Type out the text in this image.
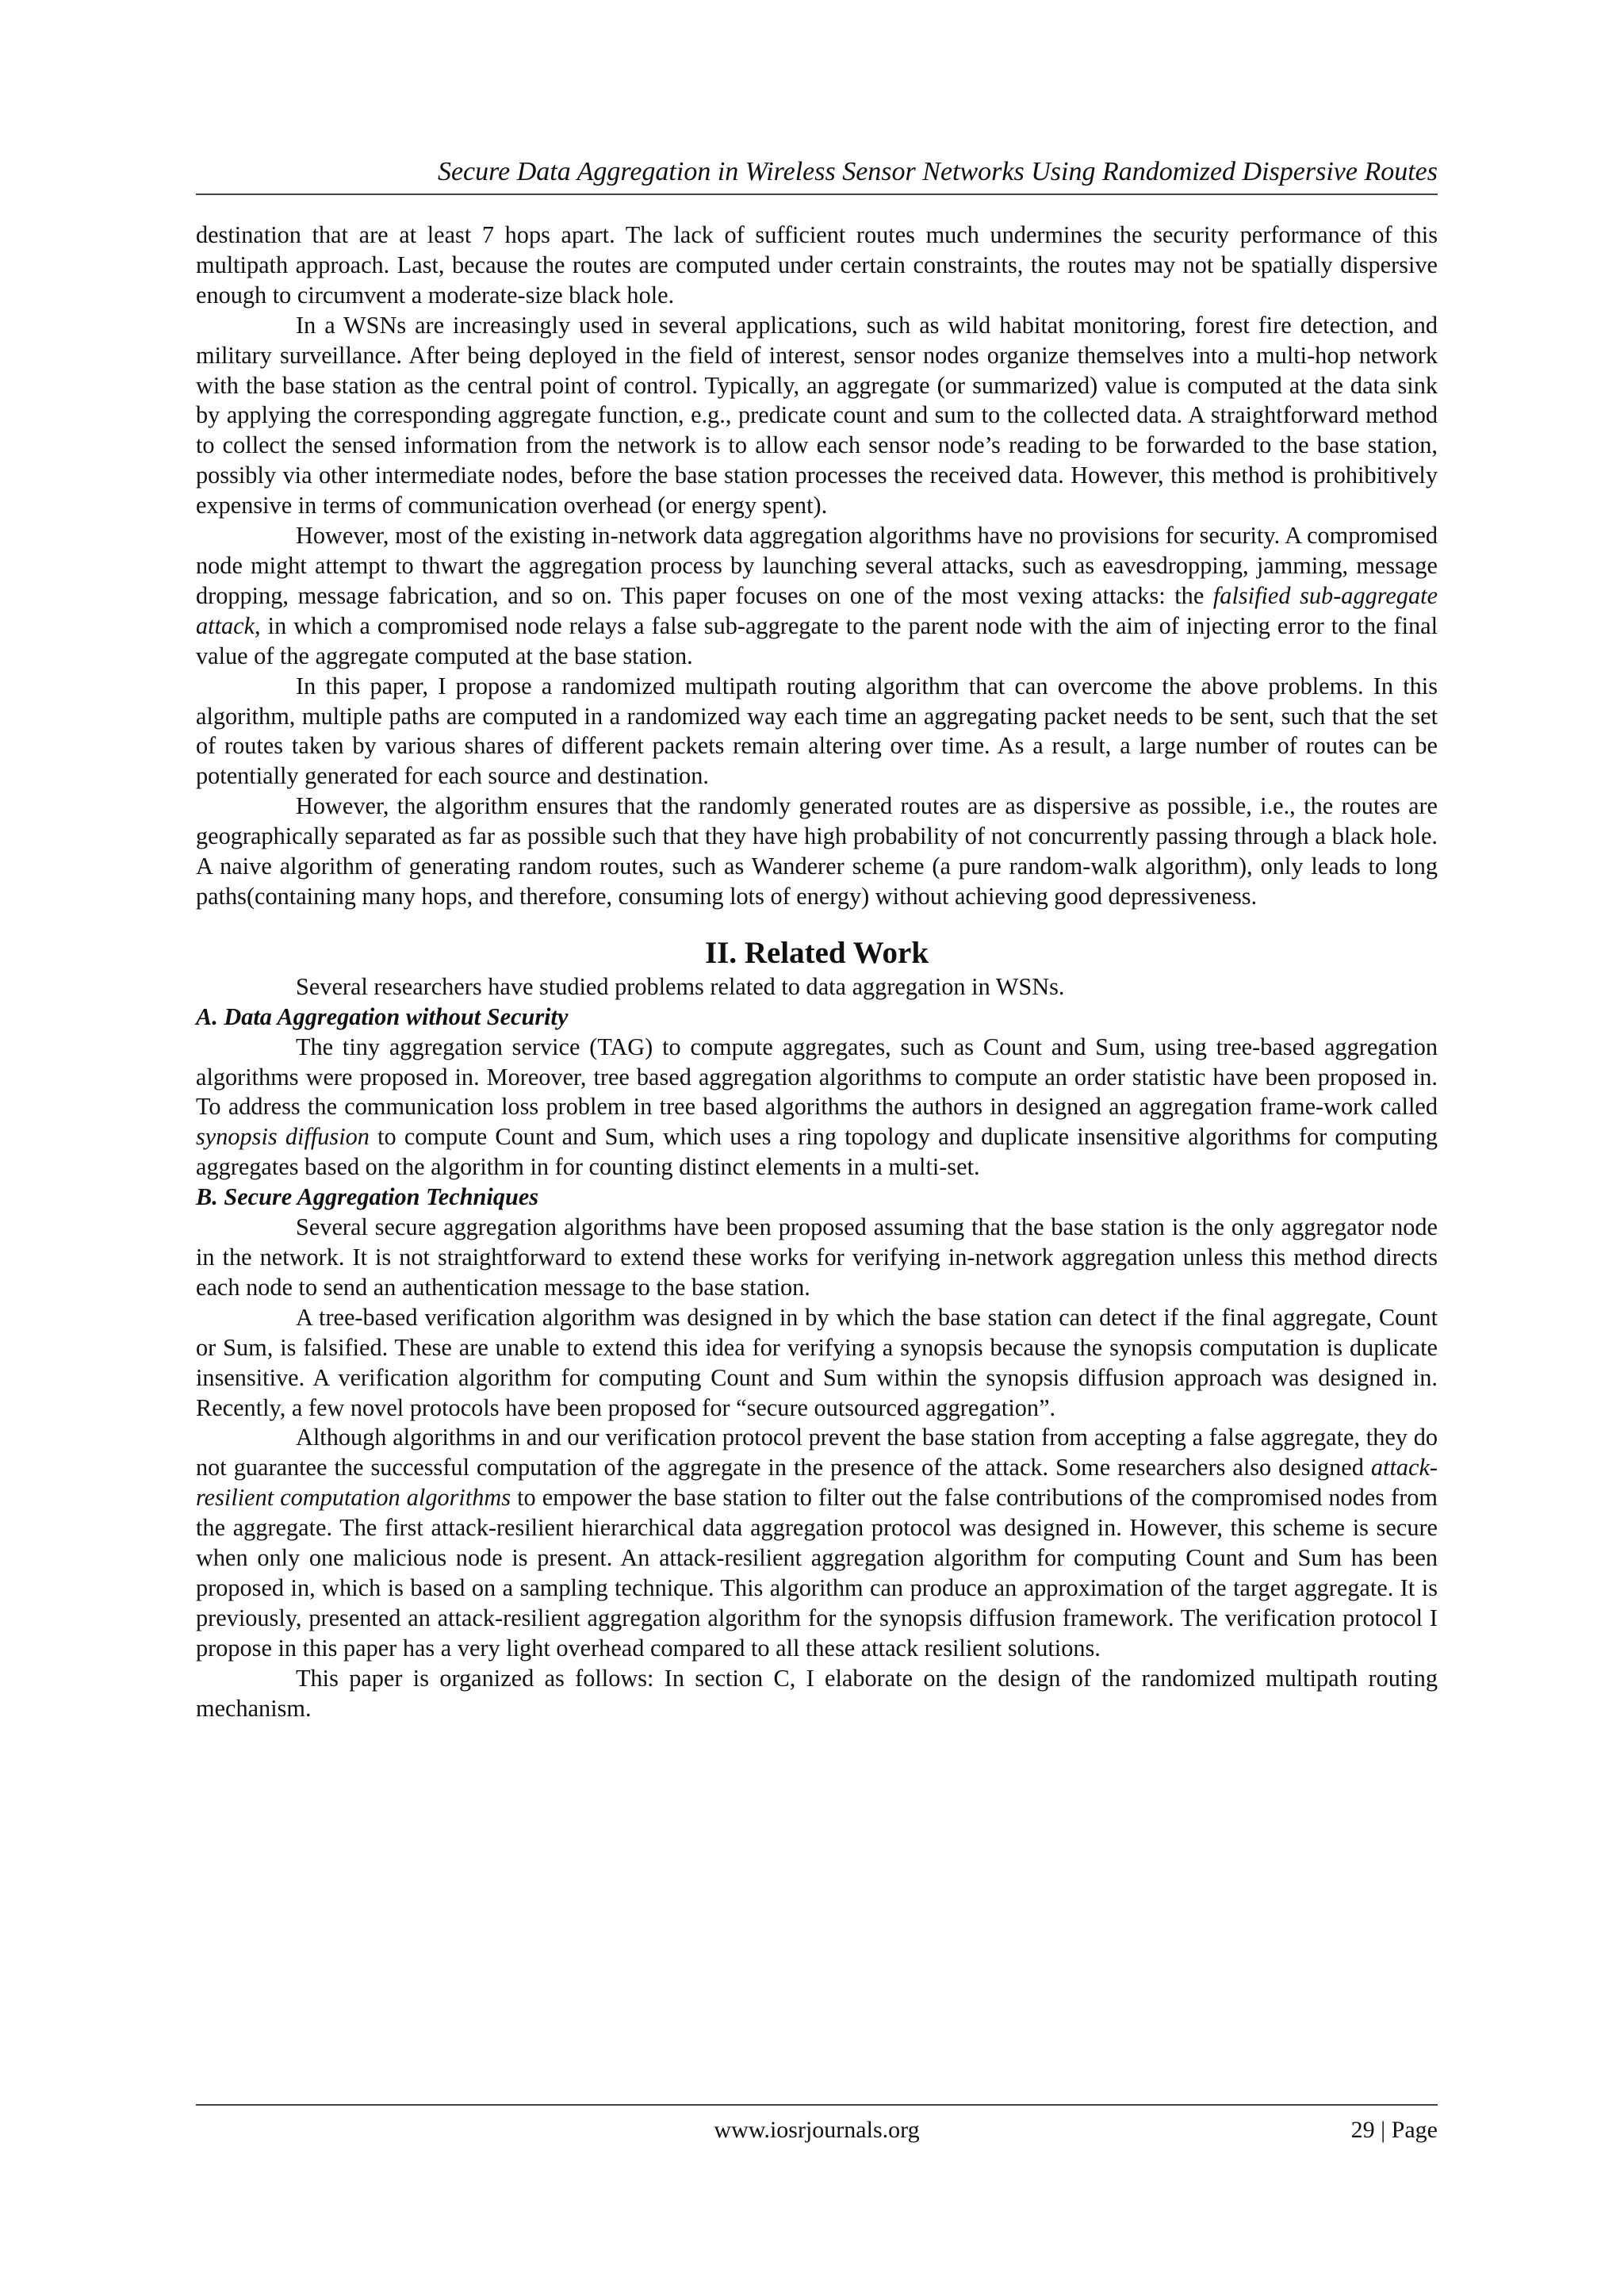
Secure Data Aggregation in Wireless Sensor Networks Using Randomized Dispersive Routes

destination that are at least 7 hops apart. The lack of sufficient routes much undermines the security performance of this multipath approach. Last, because the routes are computed under certain constraints, the routes may not be spatially dispersive enough to circumvent a moderate-size black hole.

In a WSNs are increasingly used in several applications, such as wild habitat monitoring, forest fire detection, and military surveillance. After being deployed in the field of interest, sensor nodes organize themselves into a multi-hop network with the base station as the central point of control. Typically, an aggregate (or summarized) value is computed at the data sink by applying the corresponding aggregate function, e.g., predicate count and sum to the collected data. A straightforward method to collect the sensed information from the network is to allow each sensor node’s reading to be forwarded to the base station, possibly via other intermediate nodes, before the base station processes the received data. However, this method is prohibitively expensive in terms of communication overhead (or energy spent).

However, most of the existing in-network data aggregation algorithms have no provisions for security. A compromised node might attempt to thwart the aggregation process by launching several attacks, such as eavesdropping, jamming, message dropping, message fabrication, and so on. This paper focuses on one of the most vexing attacks: the falsified sub-aggregate attack, in which a compromised node relays a false sub-aggregate to the parent node with the aim of injecting error to the final value of the aggregate computed at the base station.

In this paper, I propose a randomized multipath routing algorithm that can overcome the above problems. In this algorithm, multiple paths are computed in a randomized way each time an aggregating packet needs to be sent, such that the set of routes taken by various shares of different packets remain altering over time. As a result, a large number of routes can be potentially generated for each source and destination.

However, the algorithm ensures that the randomly generated routes are as dispersive as possible, i.e., the routes are geographically separated as far as possible such that they have high probability of not concurrently passing through a black hole. A naive algorithm of generating random routes, such as Wanderer scheme (a pure random-walk algorithm), only leads to long paths(containing many hops, and therefore, consuming lots of energy) without achieving good depressiveness.

II. Related Work

Several researchers have studied problems related to data aggregation in WSNs.

A. Data Aggregation without Security

The tiny aggregation service (TAG) to compute aggregates, such as Count and Sum, using tree-based aggregation algorithms were proposed in. Moreover, tree based aggregation algorithms to compute an order statistic have been proposed in. To address the communication loss problem in tree based algorithms the authors in designed an aggregation frame-work called synopsis diffusion to compute Count and Sum, which uses a ring topology and duplicate insensitive algorithms for computing aggregates based on the algorithm in for counting distinct elements in a multi-set.

B. Secure Aggregation Techniques

Several secure aggregation algorithms have been proposed assuming that the base station is the only aggregator node in the network. It is not straightforward to extend these works for verifying in-network aggregation unless this method directs each node to send an authentication message to the base station.

A tree-based verification algorithm was designed in by which the base station can detect if the final aggregate, Count or Sum, is falsified. These are unable to extend this idea for verifying a synopsis because the synopsis computation is duplicate insensitive. A verification algorithm for computing Count and Sum within the synopsis diffusion approach was designed in. Recently, a few novel protocols have been proposed for “secure outsourced aggregation”.

Although algorithms in and our verification protocol prevent the base station from accepting a false aggregate, they do not guarantee the successful computation of the aggregate in the presence of the attack. Some researchers also designed attack-resilient computation algorithms to empower the base station to filter out the false contributions of the compromised nodes from the aggregate. The first attack-resilient hierarchical data aggregation protocol was designed in. However, this scheme is secure when only one malicious node is present. An attack-resilient aggregation algorithm for computing Count and Sum has been proposed in, which is based on a sampling technique. This algorithm can produce an approximation of the target aggregate. It is previously, presented an attack-resilient aggregation algorithm for the synopsis diffusion framework. The verification protocol I propose in this paper has a very light overhead compared to all these attack resilient solutions.

This paper is organized as follows: In section C, I elaborate on the design of the randomized multipath routing mechanism.

www.iosrjournals.org	29 | Page
